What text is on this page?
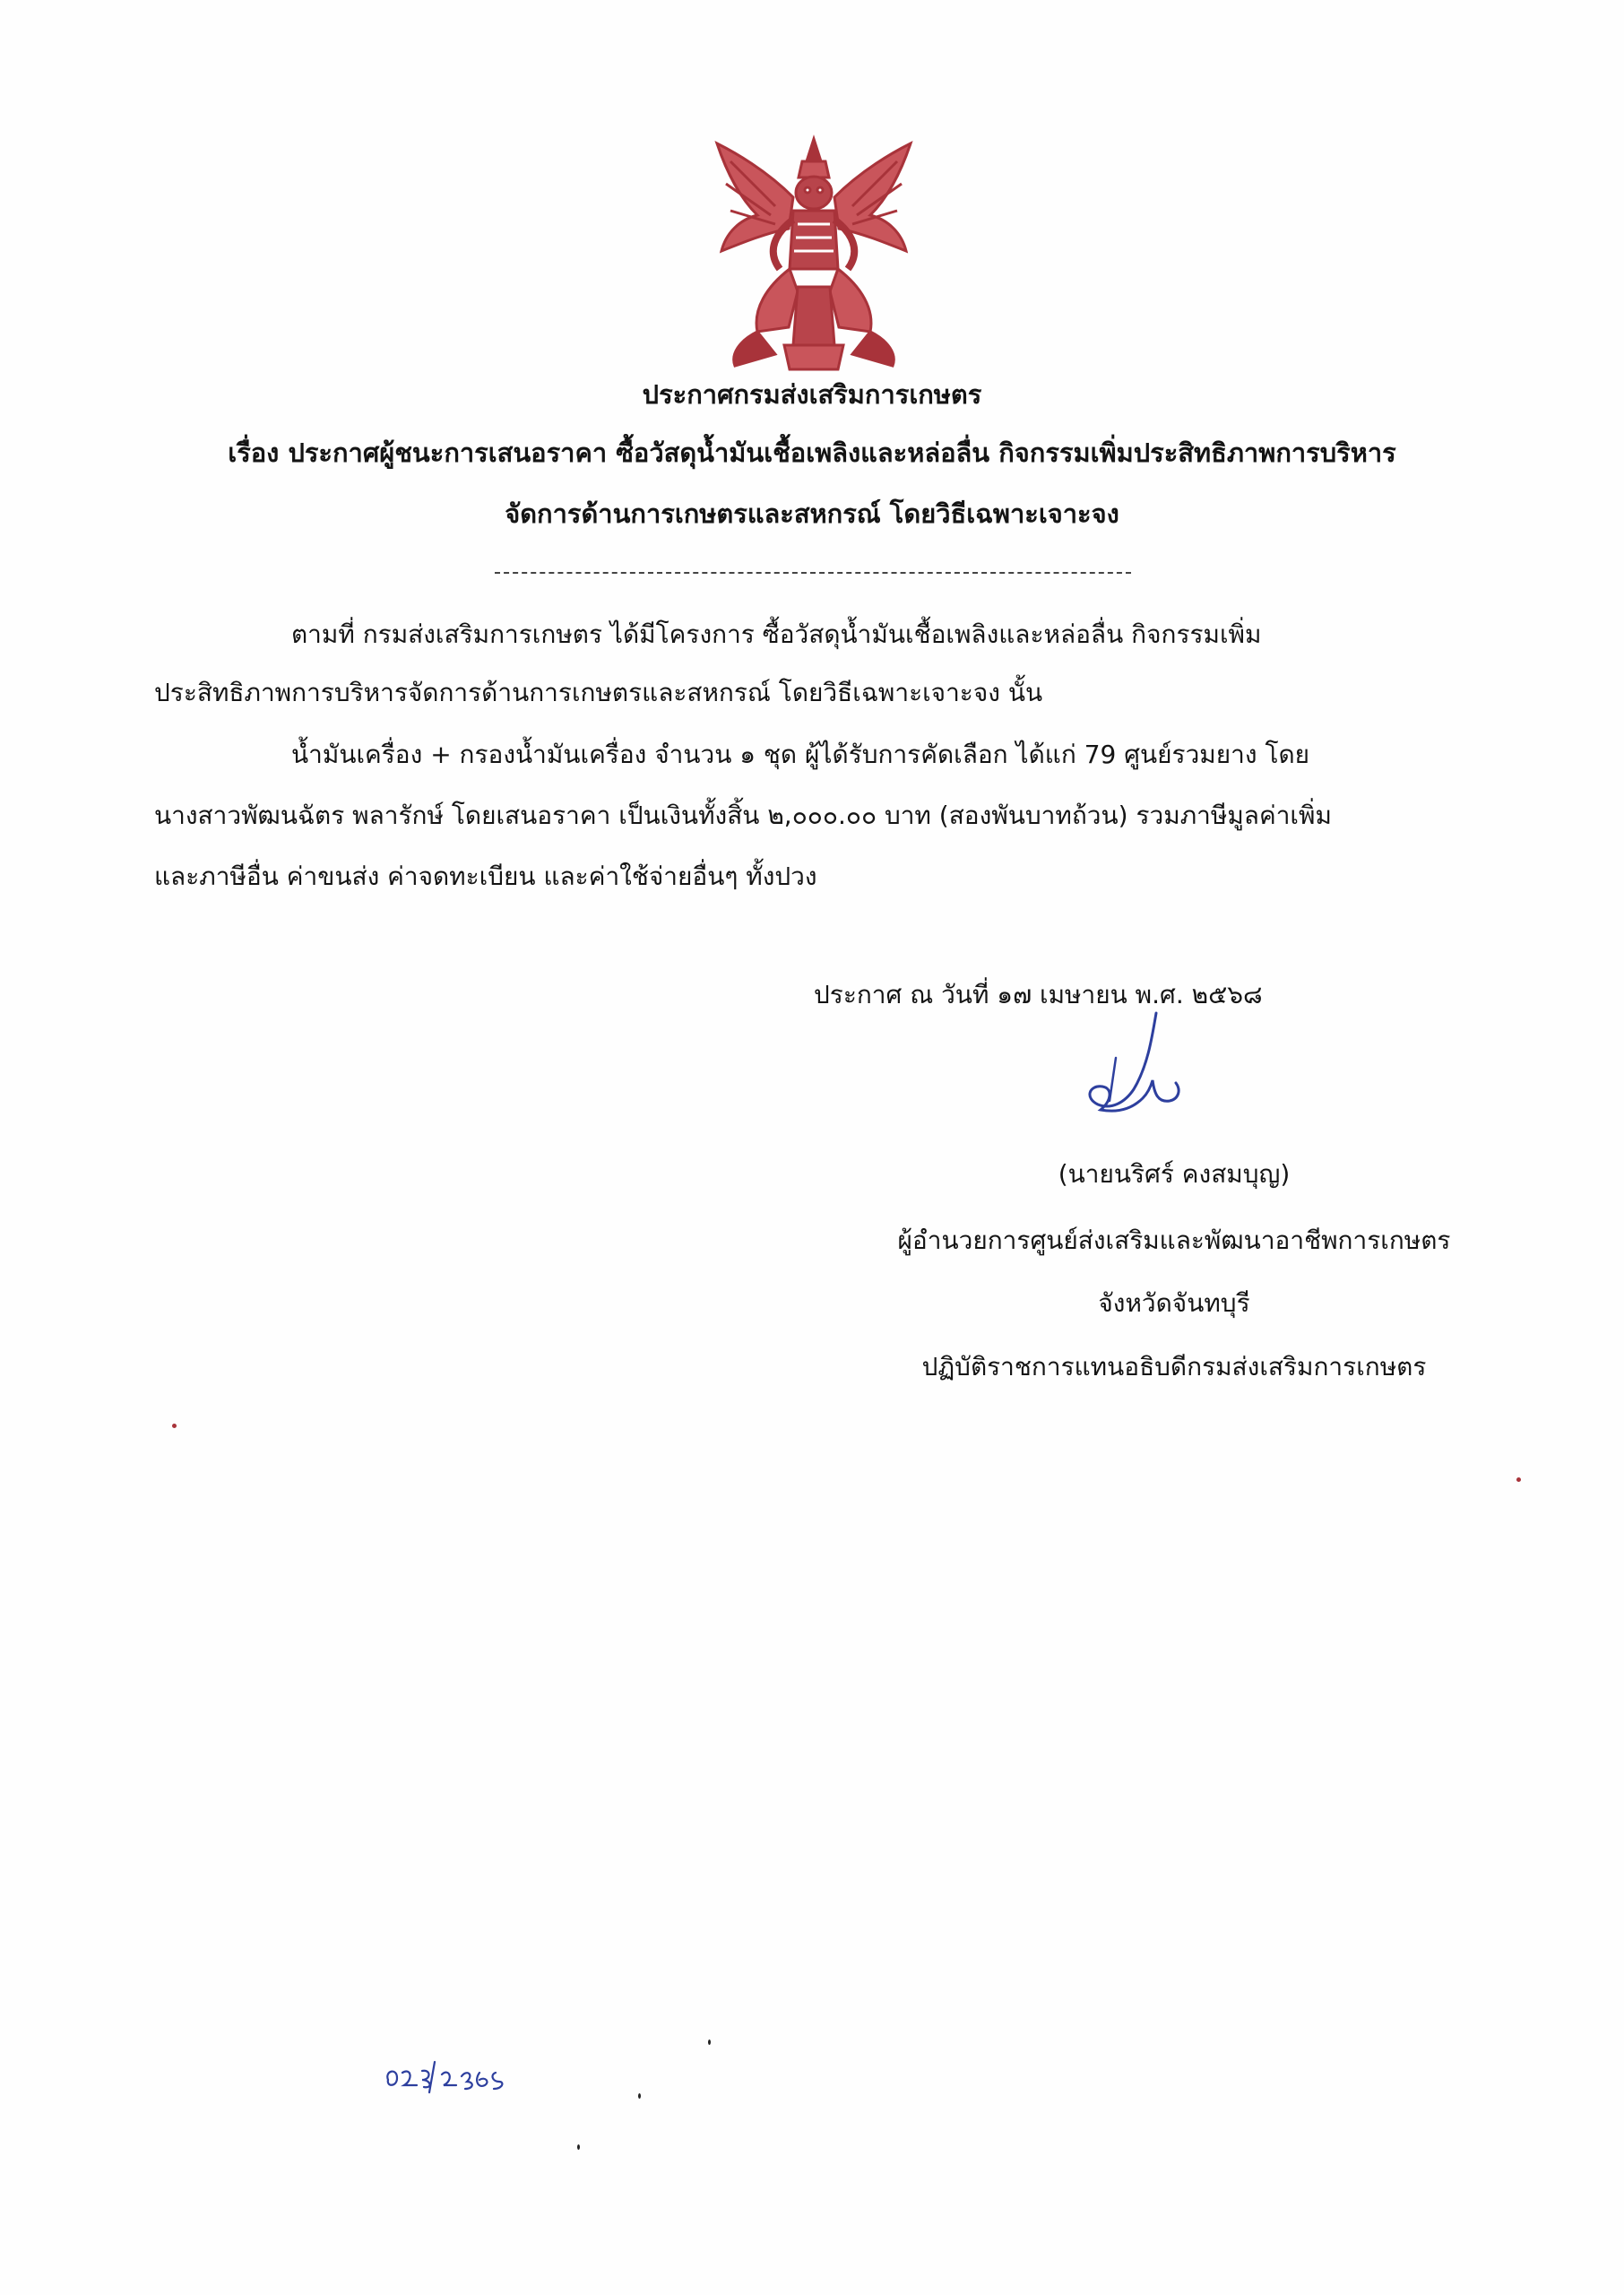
ประกาศกรมส่งเสริมการเกษตร
เรื่อง ประกาศผู้ชนะการเสนอราคา ซื้อวัสดุน้ำมันเชื้อเพลิงและหล่อลื่น กิจกรรมเพิ่มประสิทธิภาพการบริหาร
จัดการด้านการเกษตรและสหกรณ์ โดยวิธีเฉพาะเจาะจง
ตามที่ กรมส่งเสริมการเกษตร ได้มีโครงการ ซื้อวัสดุน้ำมันเชื้อเพลิงและหล่อลื่น กิจกรรมเพิ่ม
ประสิทธิภาพการบริหารจัดการด้านการเกษตรและสหกรณ์ โดยวิธีเฉพาะเจาะจง นั้น
น้ำมันเครื่อง + กรองน้ำมันเครื่อง จำนวน ๑ ชุด ผู้ได้รับการคัดเลือก ได้แก่ 79 ศูนย์รวมยาง โดย
นางสาวพัฒนฉัตร พลารักษ์ โดยเสนอราคา เป็นเงินทั้งสิ้น ๒,๐๐๐.๐๐ บาท (สองพันบาทถ้วน) รวมภาษีมูลค่าเพิ่ม
และภาษีอื่น ค่าขนส่ง ค่าจดทะเบียน และค่าใช้จ่ายอื่นๆ ทั้งปวง
ประกาศ ณ วันที่ ๑๗ เมษายน พ.ศ. ๒๕๖๘
(นายนริศร์ คงสมบุญ)
ผู้อำนวยการศูนย์ส่งเสริมและพัฒนาอาชีพการเกษตร
จังหวัดจันทบุรี
ปฏิบัติราชการแทนอธิบดีกรมส่งเสริมการเกษตร
